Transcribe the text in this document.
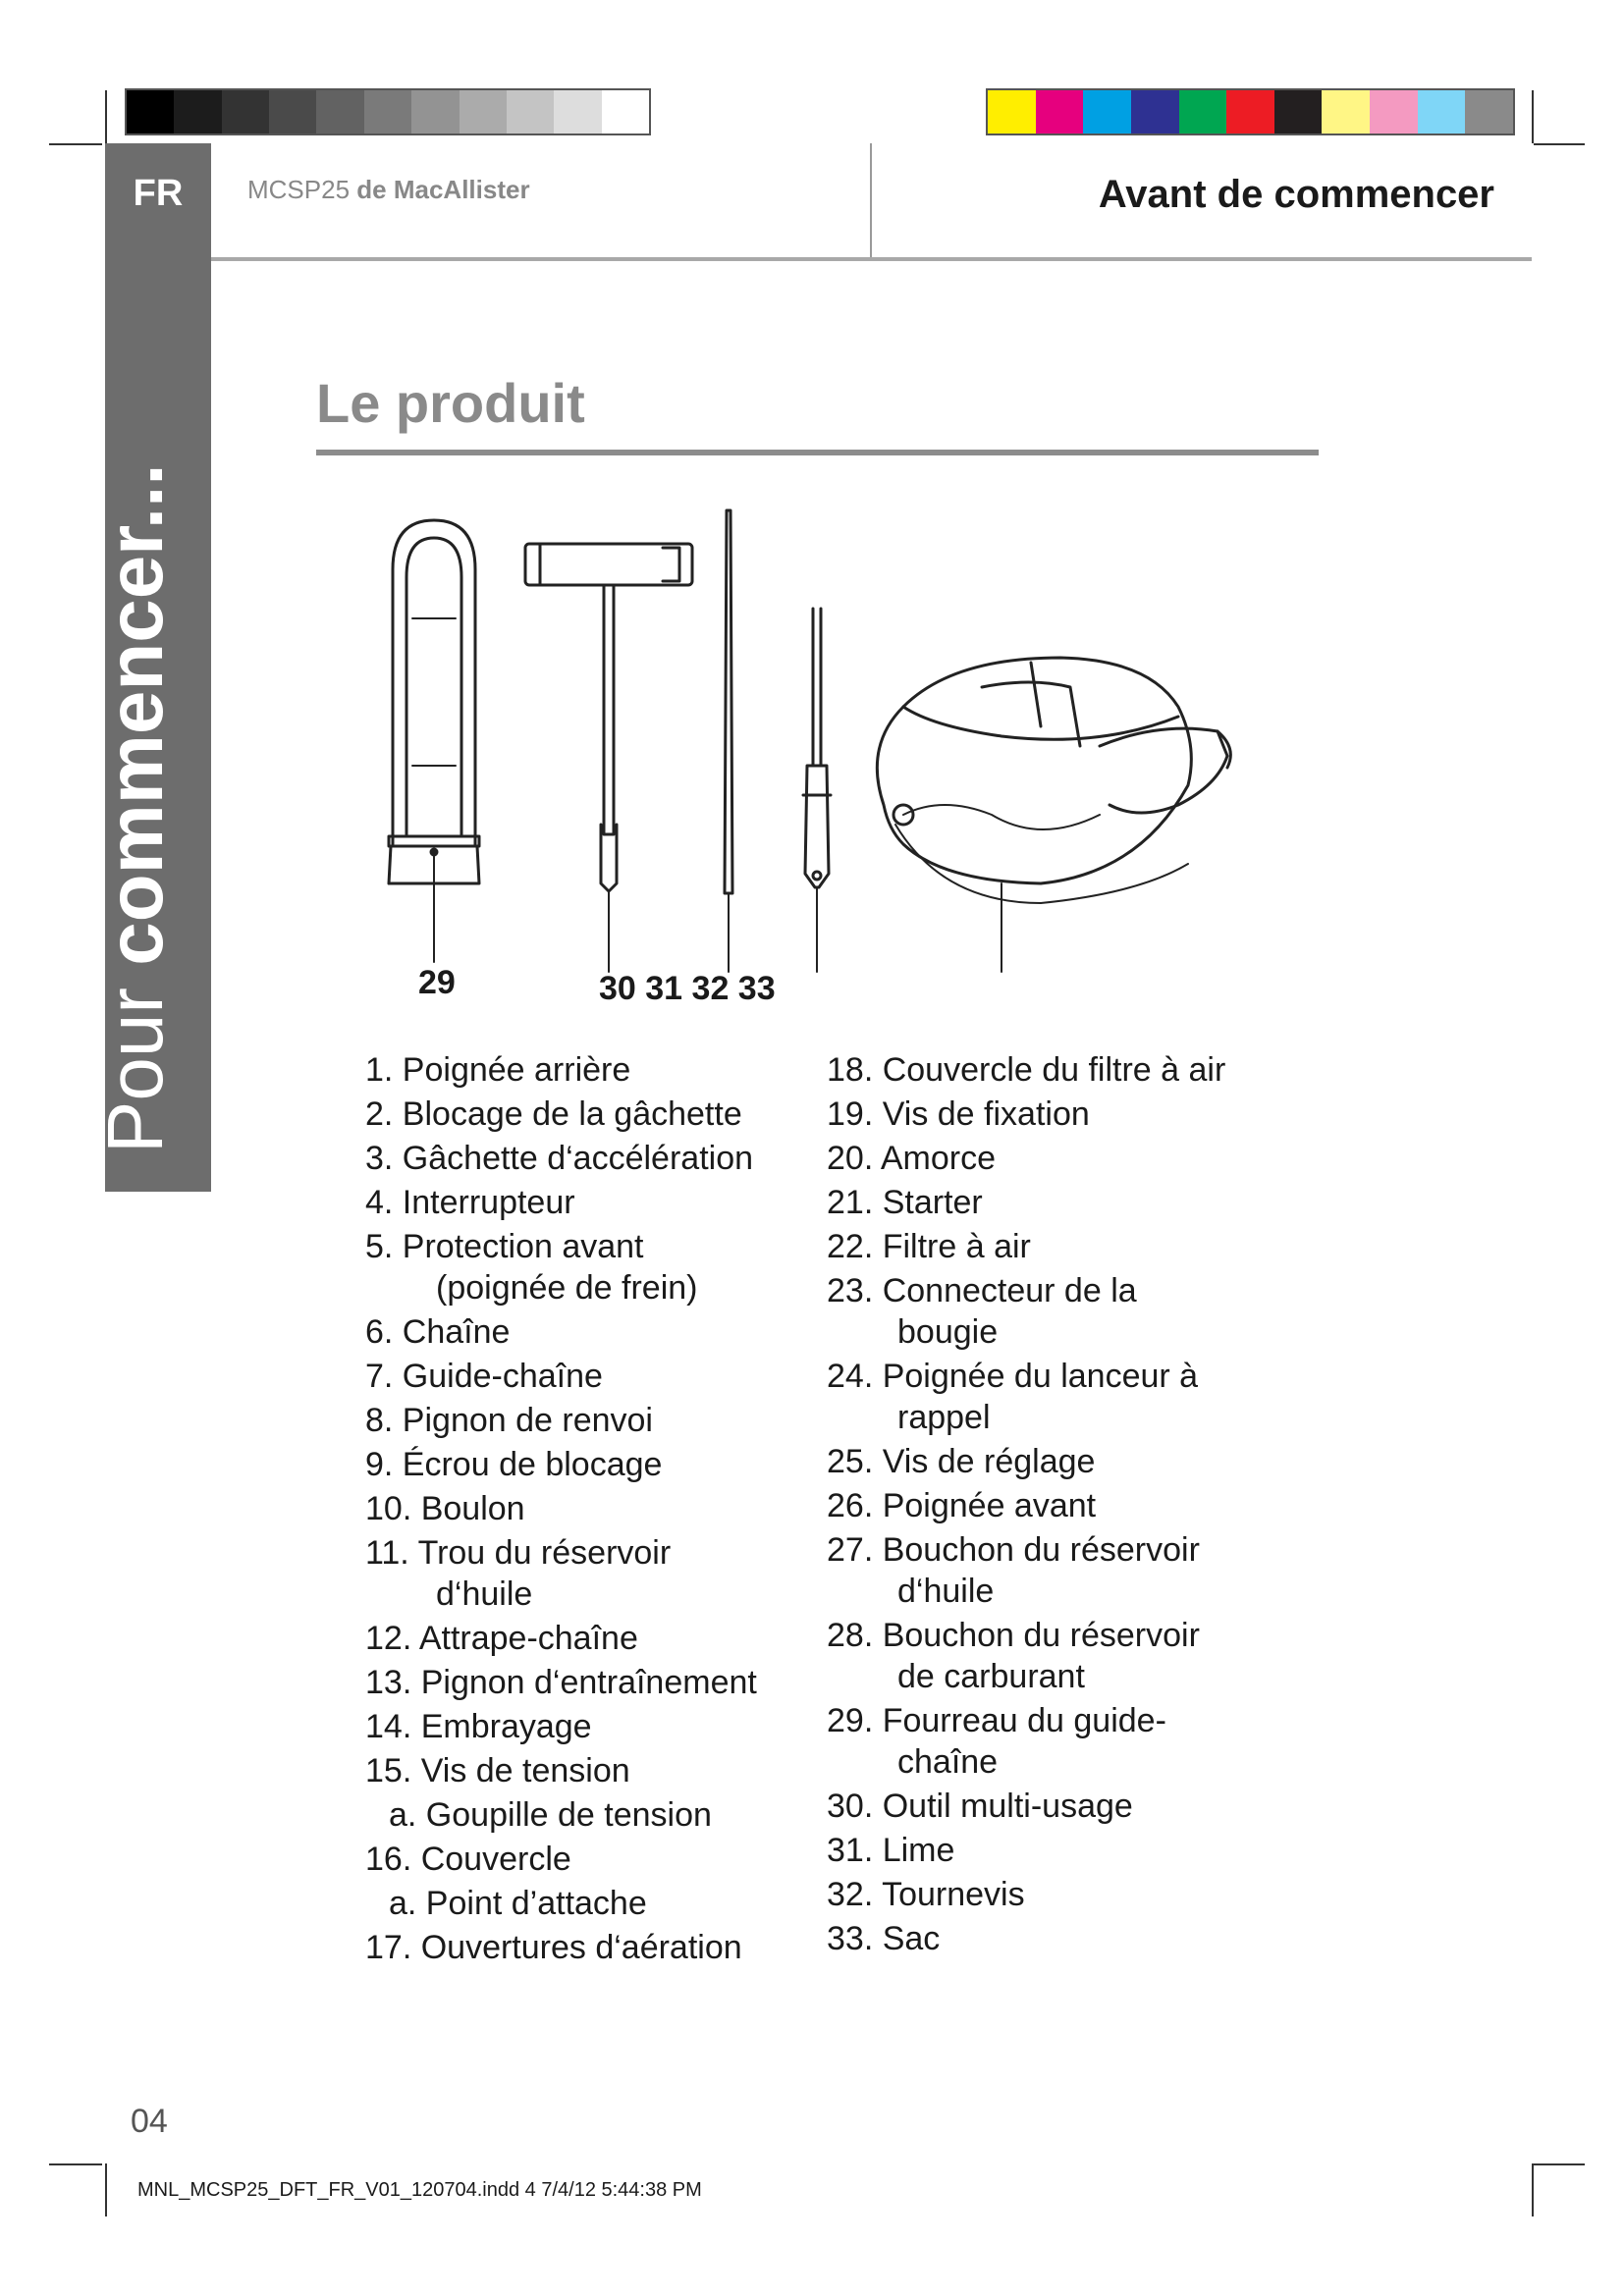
FR
Pour commencer...
MCSP25 de MacAllister	Avant de commencer
Le produit
29	30 31 32 33
1. Poignée arrière
2. Blocage de la gâchette
3. Gâchette d‘accélération
4. Interrupteur
5. Protection avant
(poignée de frein)
6. Chaîne
7. Guide-chaîne
8. Pignon de renvoi
9. Écrou de blocage
10. Boulon
11. Trou du réservoir
d‘huile
12. Attrape-chaîne
13. Pignon d‘entraînement
14. Embrayage
15. Vis de tension
a. Goupille de tension
16. Couvercle
a. Point d’attache
17. Ouvertures d‘aération
18. Couvercle du filtre à air
19. Vis de fixation
20. Amorce
21. Starter
22. Filtre à air
23. Connecteur de la
bougie
24. Poignée du lanceur à
rappel
25. Vis de réglage
26. Poignée avant
27. Bouchon du réservoir
d‘huile
28. Bouchon du réservoir
de carburant
29. Fourreau du guide-
chaîne
30. Outil multi-usage
31. Lime
32. Tournevis
33. Sac
04
MNL_MCSP25_DFT_FR_V01_120704.indd 4 7/4/12 5:44:38 PM
